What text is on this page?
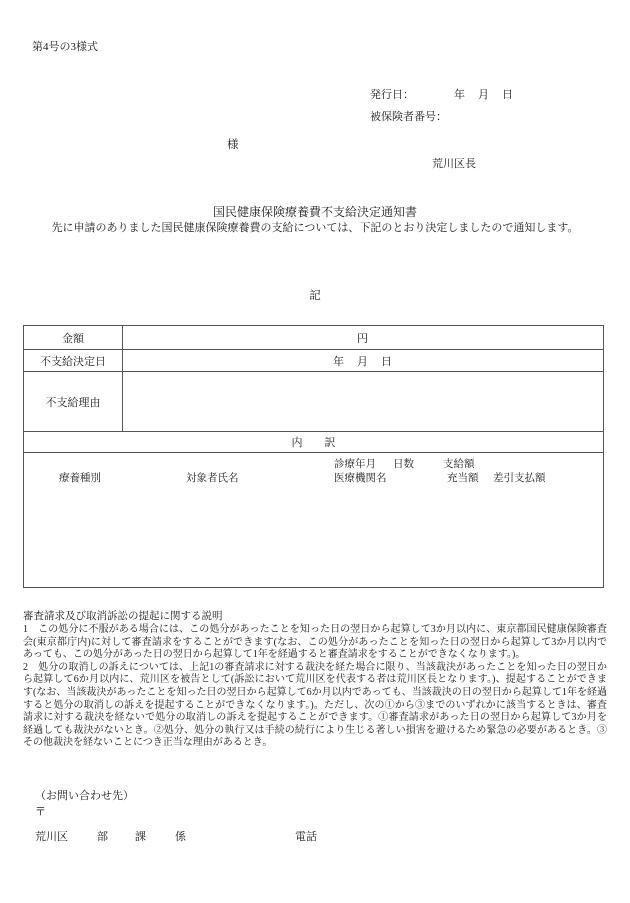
第4号の3様式
発行日：	年　月　日
被保険者番号：
様
荒川区長
国民健康保険療養費不支給決定通知書
先に申請のありました国民健康保険療養費の支給については、下記のとおり決定しましたので通知します。
記
金額	円
不支給決定日	年　月　日
不支給理由
内　　訳
診療年月 日数	支給額
療養種別	対象者氏名	医療機関名	充当額 差引支払額
審査請求及び取消訴訟の提起に関する説明
1　この処分に不服がある場合には、この処分があったことを知った日の翌日から起算して3か月以内に、東京都国民健康保険審査会(東京都庁内)に対して審査請求をすることができます(なお、この処分があったことを知った日の翌日から起算して3か月以内であっても、この処分があった日の翌日から起算して1年を経過すると審査請求をすることができなくなります。)。
2　処分の取消しの訴えについては、上記1の審査請求に対する裁決を経た場合に限り、当該裁決があったことを知った日の翌日から起算して6か月以内に、荒川区を被告として(訴訟において荒川区を代表する者は荒川区長となります。)、提起することができます(なお、当該裁決があったことを知った日の翌日から起算して6か月以内であっても、当該裁決の日の翌日から起算して1年を経過すると処分の取消しの訴えを提起することができなくなります。)。ただし、次の①から③までのいずれかに該当するときは、審査請求に対する裁決を経ないで処分の取消しの訴えを提起することができます。①審査請求があった日の翌日から起算して3か月を経過しても裁決がないとき。②処分、処分の執行又は手続の続行により生じる著しい損害を避けるため緊急の必要があるとき。③その他裁決を経ないことにつき正当な理由があるとき。
（お問い合わせ先）
〒
荒川区	部 課	係	電話
